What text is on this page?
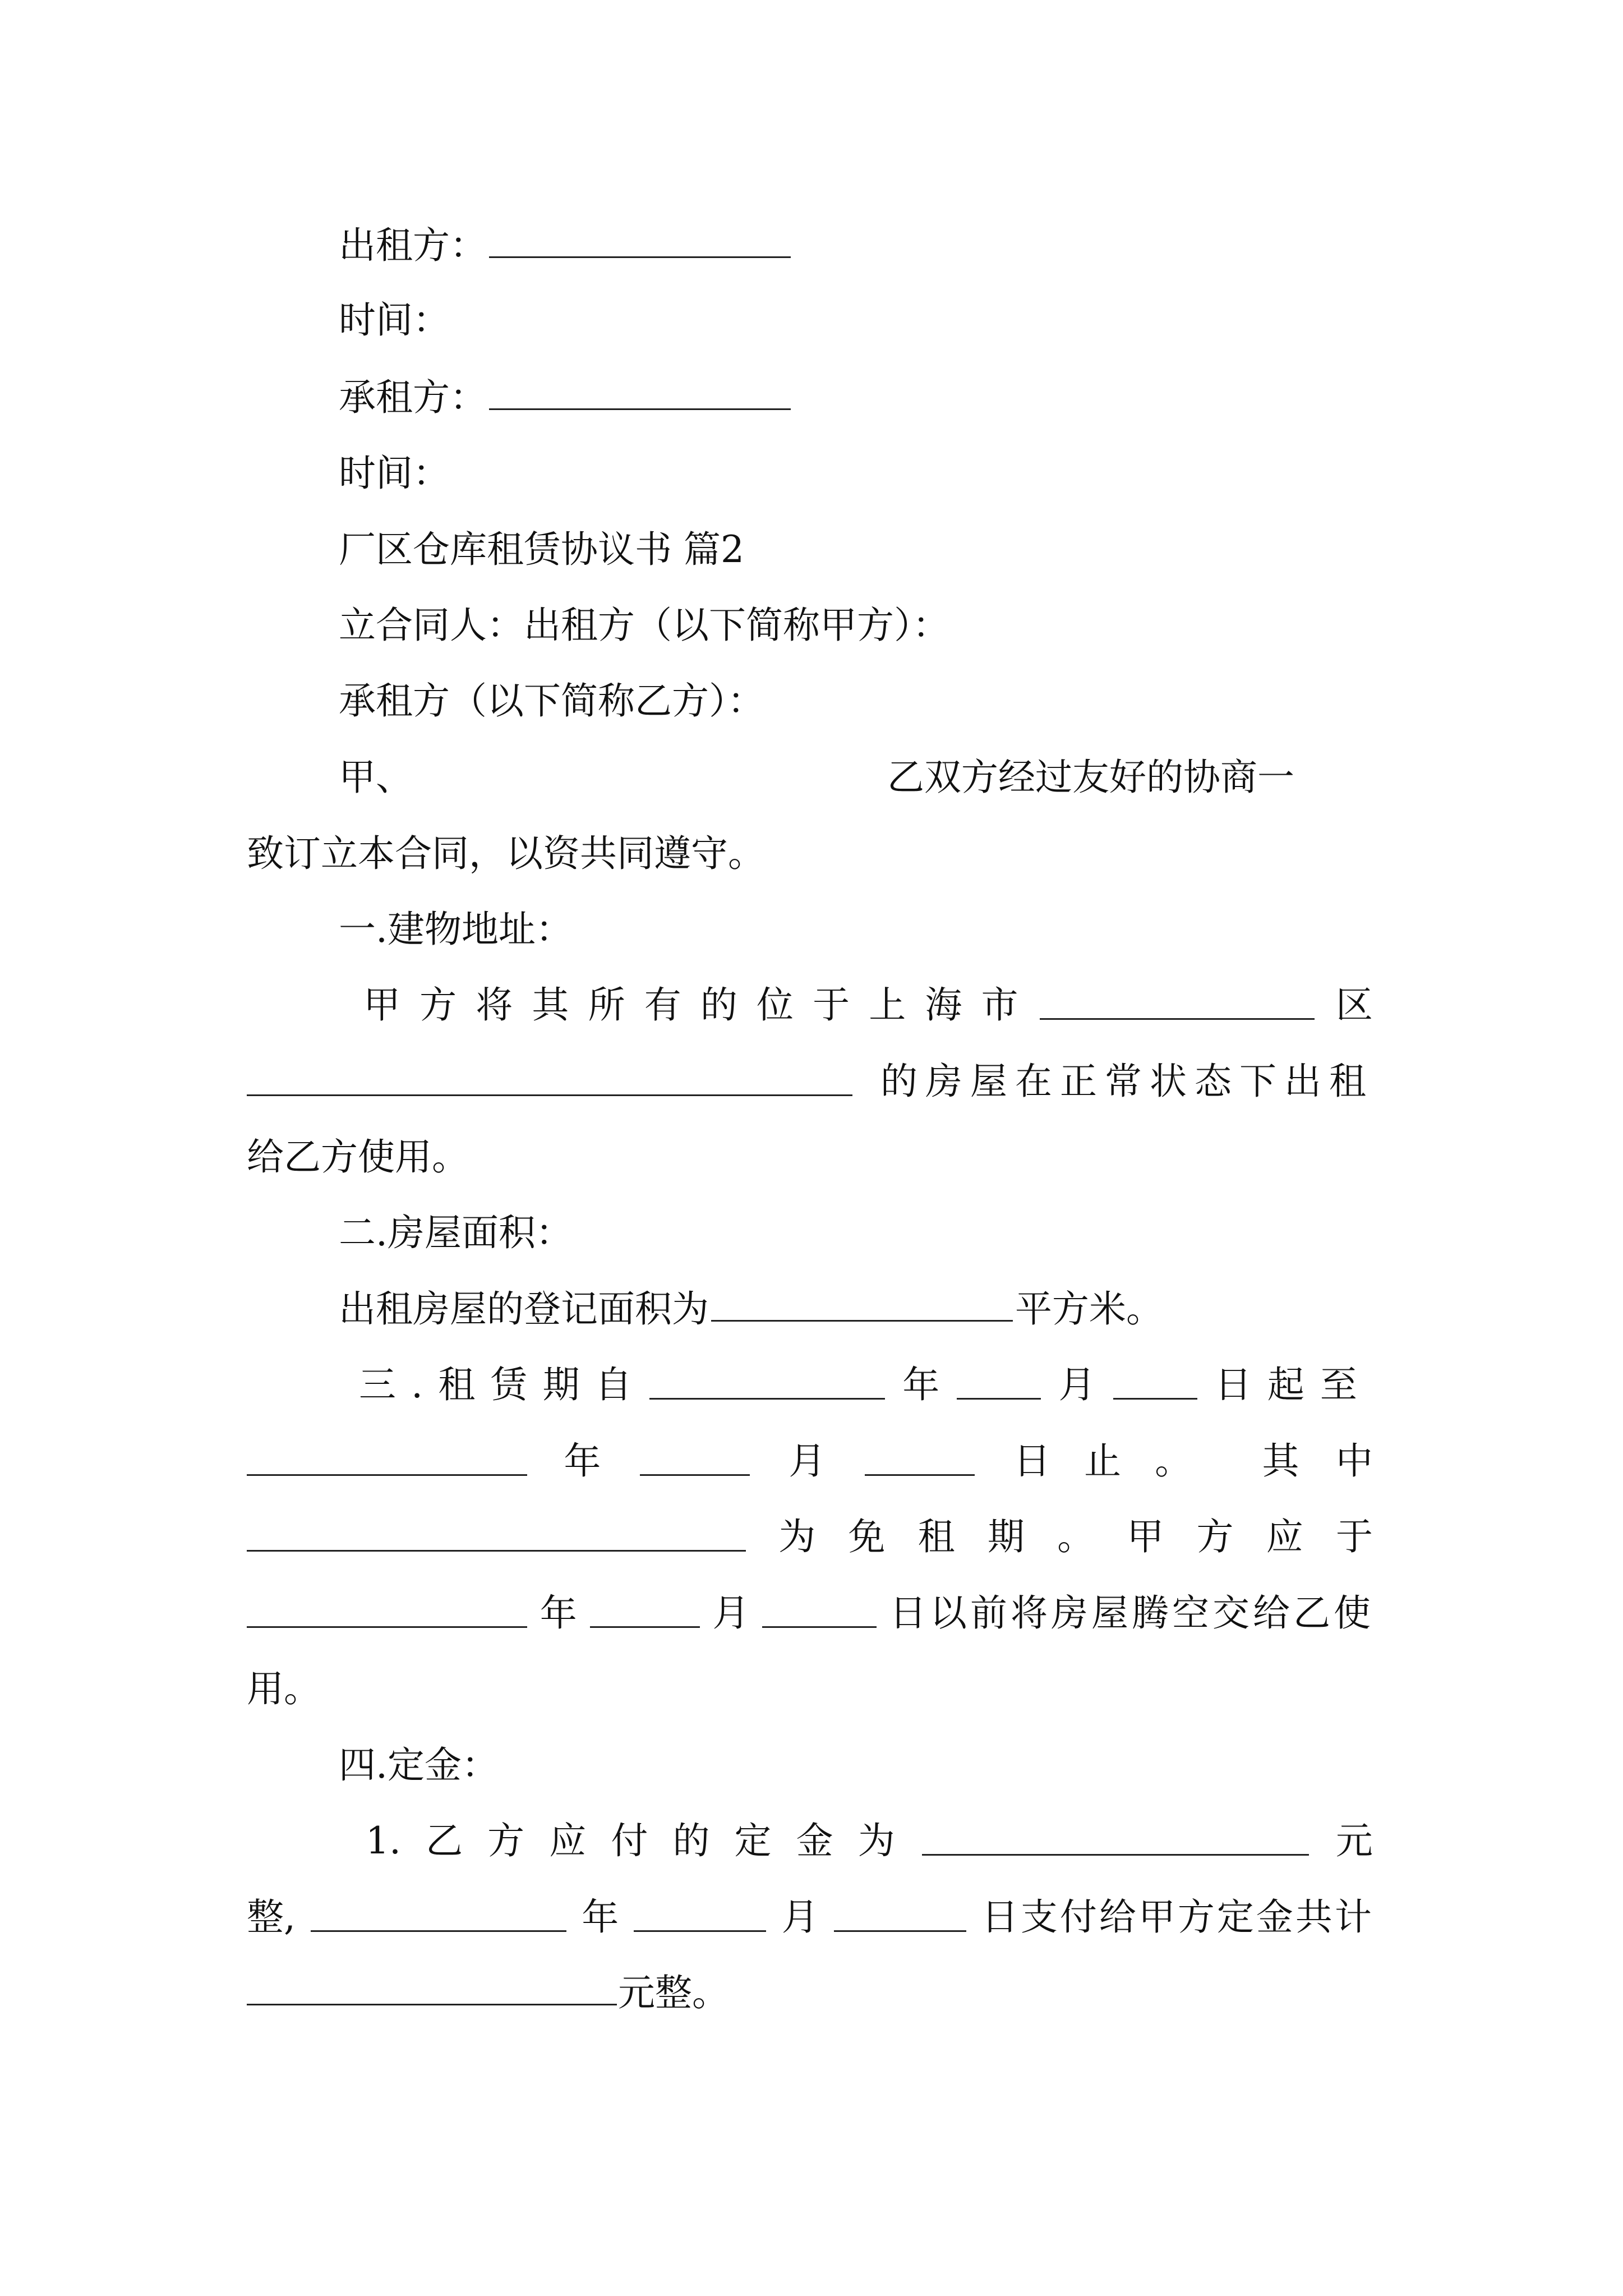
出租方：
时间：
承租方：
时间：
厂区仓库租赁协议书 篇2
立合同人：出租方（以下简称甲方）：
承租方（以下简称乙方）：
甲、	乙双方经过友好的协商一
致订立本合同，以资共同遵守。
一.建物地址：
甲 方 将 其 所 有 的 位 于 上 海 市	区
的房屋在正常状态下出租
给乙方使用。
二.房屋面积：
出租房屋的登记面积为	平方米。
三 . 租 赁 期 自	年	月	日起至
年	月	日止。 其 中
为 免 租 期 。 甲 方 应 于
年	月	日以前将房屋腾空交给乙使
用。
四.定金：
1. 乙 方 应 付 的 定 金 为	元
整,	年	月	日支付给甲方定金共计
元整。
